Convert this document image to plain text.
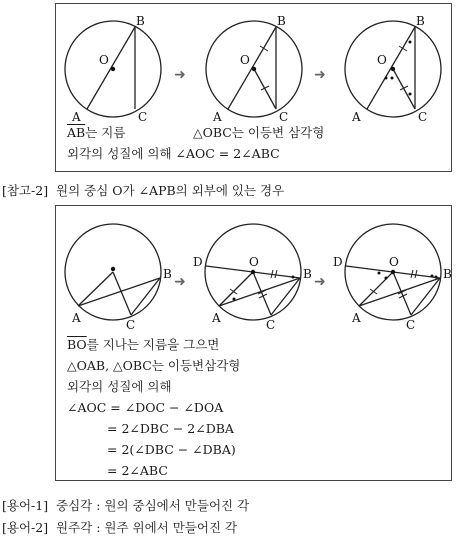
O
B
A	C
➜
O
B
A	C
➜
O
B
A	C
$\overline{AB}$는 지름	△OBC는 이등변 삼각형
외각의 성질에 의해 ∠AOC = 2∠ABC
[참고-2]  원의 중심 O가 ∠APB의 외부에 있는 경우
B
A	C
➜
O
D
B
A	C
➜
O
D
B
A	C
$\overline{BO}$를 지나는 지름을 그으면
△OAB, △OBC는 이등변삼각형
외각의 성질에 의해
∠AOC = ∠DOC − ∠DOA
= 2∠DBC − 2∠DBA
= 2(∠DBC − ∠DBA)
= 2∠ABC
[용어-1]  중심각 : 원의 중심에서 만들어진 각
[용어-2]  원주각 : 원주 위에서 만들어진 각
